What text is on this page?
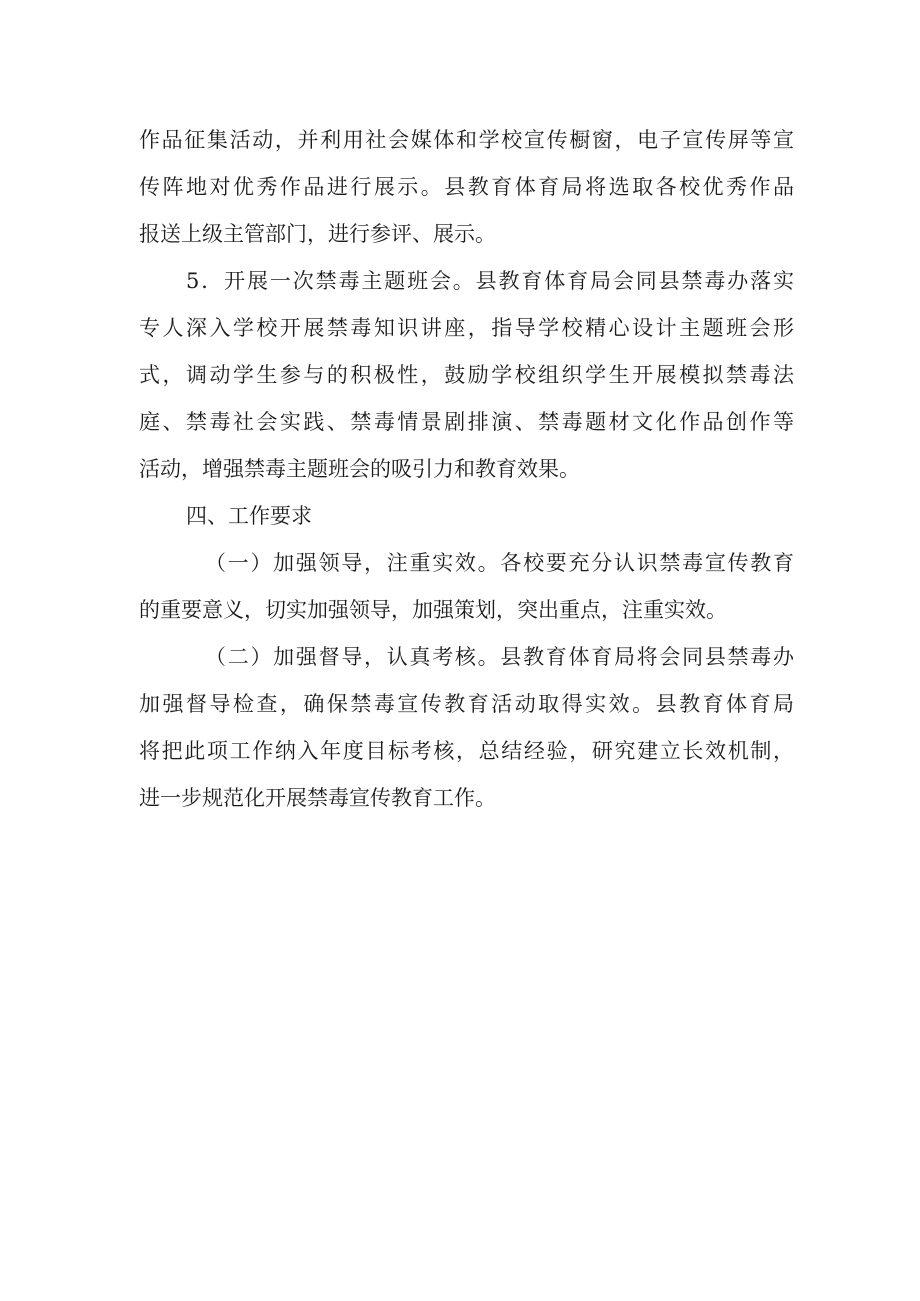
作品征集活动，并利用社会媒体和学校宣传橱窗，电子宣传屏等宣
传阵地对优秀作品进行展示。县教育体育局将选取各校优秀作品
报送上级主管部门，进行参评、展示。
5．开展一次禁毒主题班会。县教育体育局会同县禁毒办落实
专人深入学校开展禁毒知识讲座，指导学校精心设计主题班会形
式，调动学生参与的积极性，鼓励学校组织学生开展模拟禁毒法
庭、禁毒社会实践、禁毒情景剧排演、禁毒题材文化作品创作等
活动，增强禁毒主题班会的吸引力和教育效果。
四、工作要求
（一）加强领导，注重实效。各校要充分认识禁毒宣传教育
的重要意义，切实加强领导，加强策划，突出重点，注重实效。
（二）加强督导，认真考核。县教育体育局将会同县禁毒办
加强督导检查，确保禁毒宣传教育活动取得实效。县教育体育局
将把此项工作纳入年度目标考核，总结经验，研究建立长效机制，
进一步规范化开展禁毒宣传教育工作。
